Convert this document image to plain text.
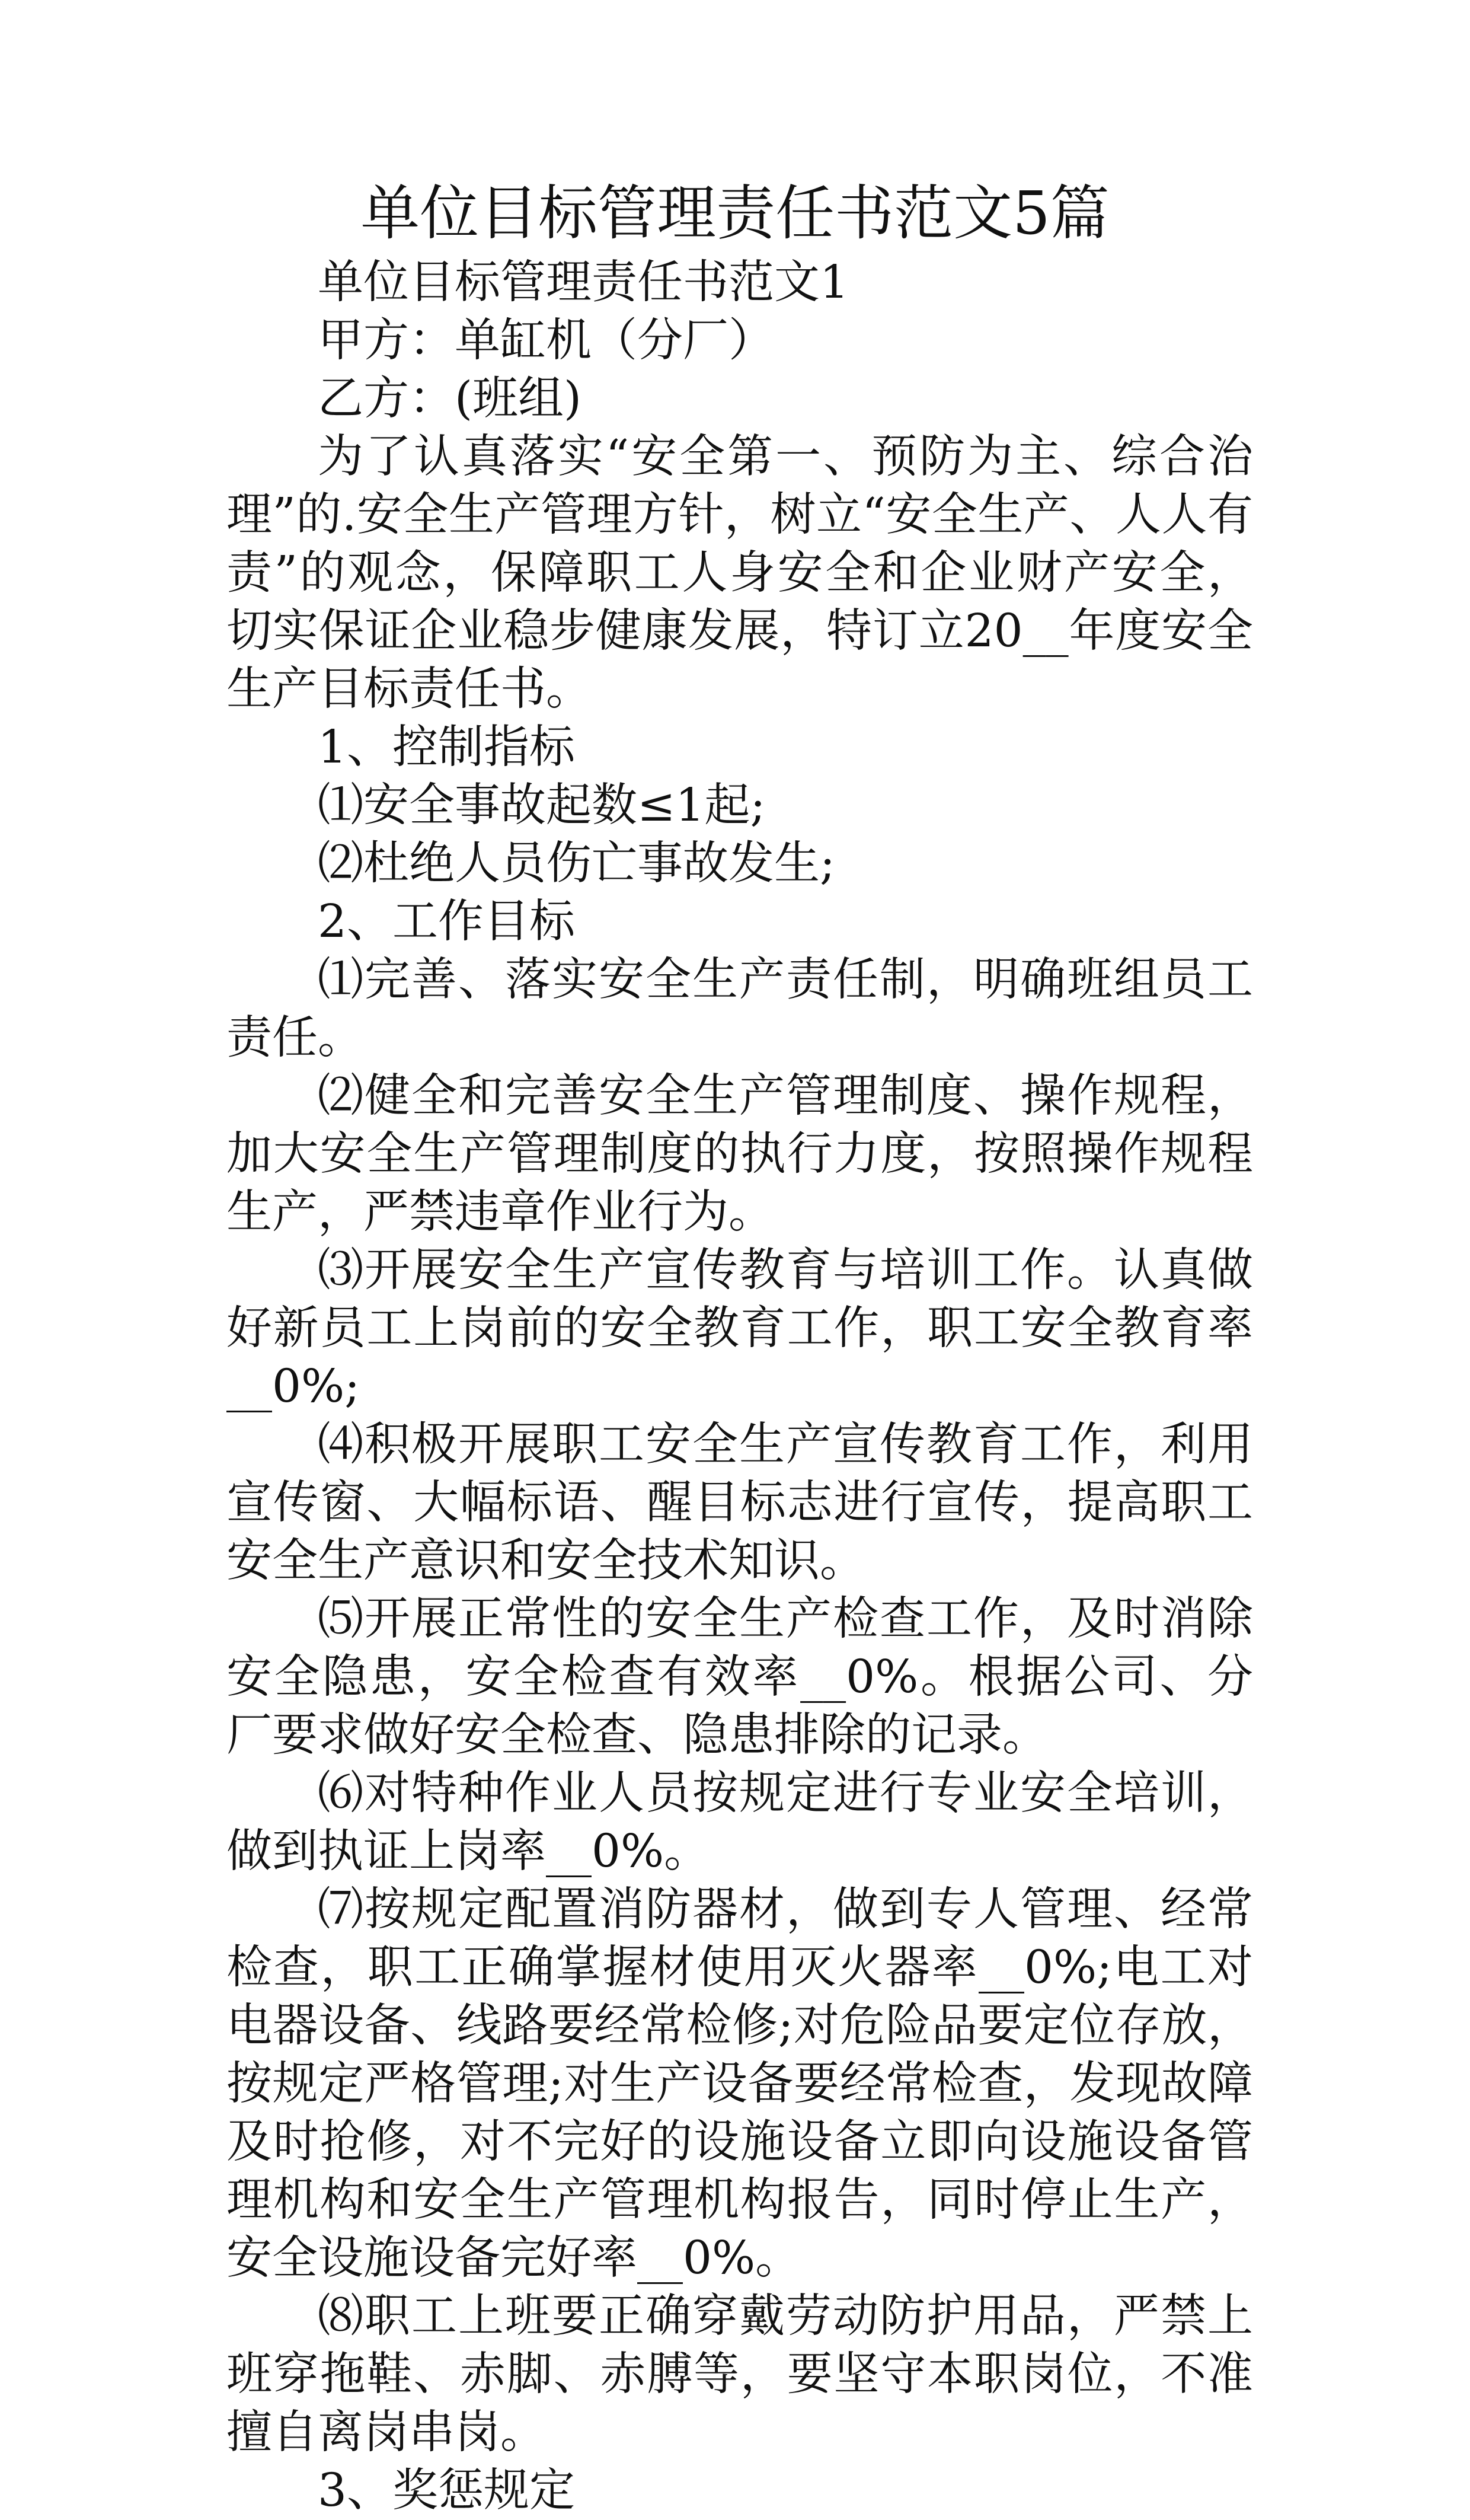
单位目标管理责任书范文5篇

单位目标管理责任书范文1

甲方：单缸机（分厂）

乙方：(班组)

为了认真落实“安全第一、预防为主、综合治理”的.安全生产管理方针，树立“安全生产、人人有责”的观念，保障职工人身安全和企业财产安全，切实保证企业稳步健康发展，特订立20__年度安全生产目标责任书。

1、控制指标

⑴安全事故起数≤1起;

⑵杜绝人员伤亡事故发生;

2、工作目标

⑴完善、落实安全生产责任制，明确班组员工责任。

⑵健全和完善安全生产管理制度、操作规程，加大安全生产管理制度的执行力度，按照操作规程生产，严禁违章作业行为。

⑶开展安全生产宣传教育与培训工作。认真做好新员工上岗前的安全教育工作，职工安全教育率__0%;

⑷积极开展职工安全生产宣传教育工作，利用宣传窗、大幅标语、醒目标志进行宣传，提高职工安全生产意识和安全技术知识。

⑸开展正常性的安全生产检查工作，及时消除安全隐患，安全检查有效率__0%。根据公司、分厂要求做好安全检查、隐患排除的记录。

⑹对特种作业人员按规定进行专业安全培训，做到执证上岗率__0%。

⑺按规定配置消防器材，做到专人管理、经常检查，职工正确掌握材使用灭火器率__0%;电工对电器设备、线路要经常检修;对危险品要定位存放，按规定严格管理;对生产设备要经常检查，发现故障及时抢修，对不完好的设施设备立即向设施设备管理机构和安全生产管理机构报告，同时停止生产，安全设施设备完好率__0%。

⑻职工上班要正确穿戴劳动防护用品，严禁上班穿拖鞋、赤脚、赤膊等，要坚守本职岗位，不准擅自离岗串岗。

3、奖惩规定
